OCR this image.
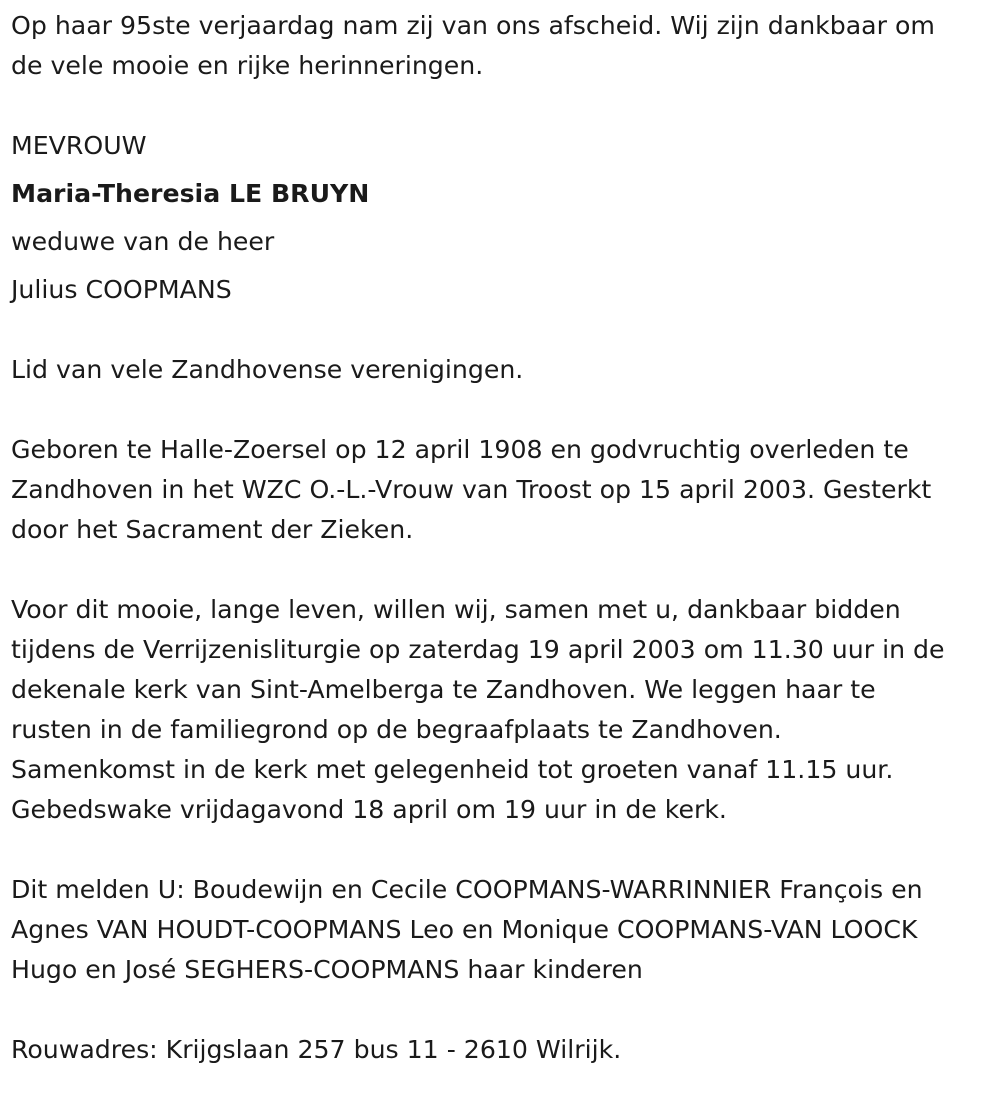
Op haar 95ste verjaardag nam zij van ons afscheid. Wij zijn dankbaar om
de vele mooie en rijke herinneringen.
MEVROUW
Maria-Theresia LE BRUYN
weduwe van de heer
Julius COOPMANS
Lid van vele Zandhovense verenigingen.
Geboren te Halle-Zoersel op 12 april 1908 en godvruchtig overleden te
Zandhoven in het WZC O.-L.-Vrouw van Troost op 15 april 2003. Gesterkt
door het Sacrament der Zieken.
Voor dit mooie, lange leven, willen wij, samen met u, dankbaar bidden
tijdens de Verrijzenisliturgie op zaterdag 19 april 2003 om 11.30 uur in de
dekenale kerk van Sint-Amelberga te Zandhoven. We leggen haar te
rusten in de familiegrond op de begraafplaats te Zandhoven.
Samenkomst in de kerk met gelegenheid tot groeten vanaf 11.15 uur.
Gebedswake vrijdagavond 18 april om 19 uur in de kerk.
Dit melden U: Boudewijn en Cecile COOPMANS-WARRINNIER François en
Agnes VAN HOUDT-COOPMANS Leo en Monique COOPMANS-VAN LOOCK
Hugo en José SEGHERS-COOPMANS haar kinderen
Rouwadres: Krijgslaan 257 bus 11 - 2610 Wilrijk.
